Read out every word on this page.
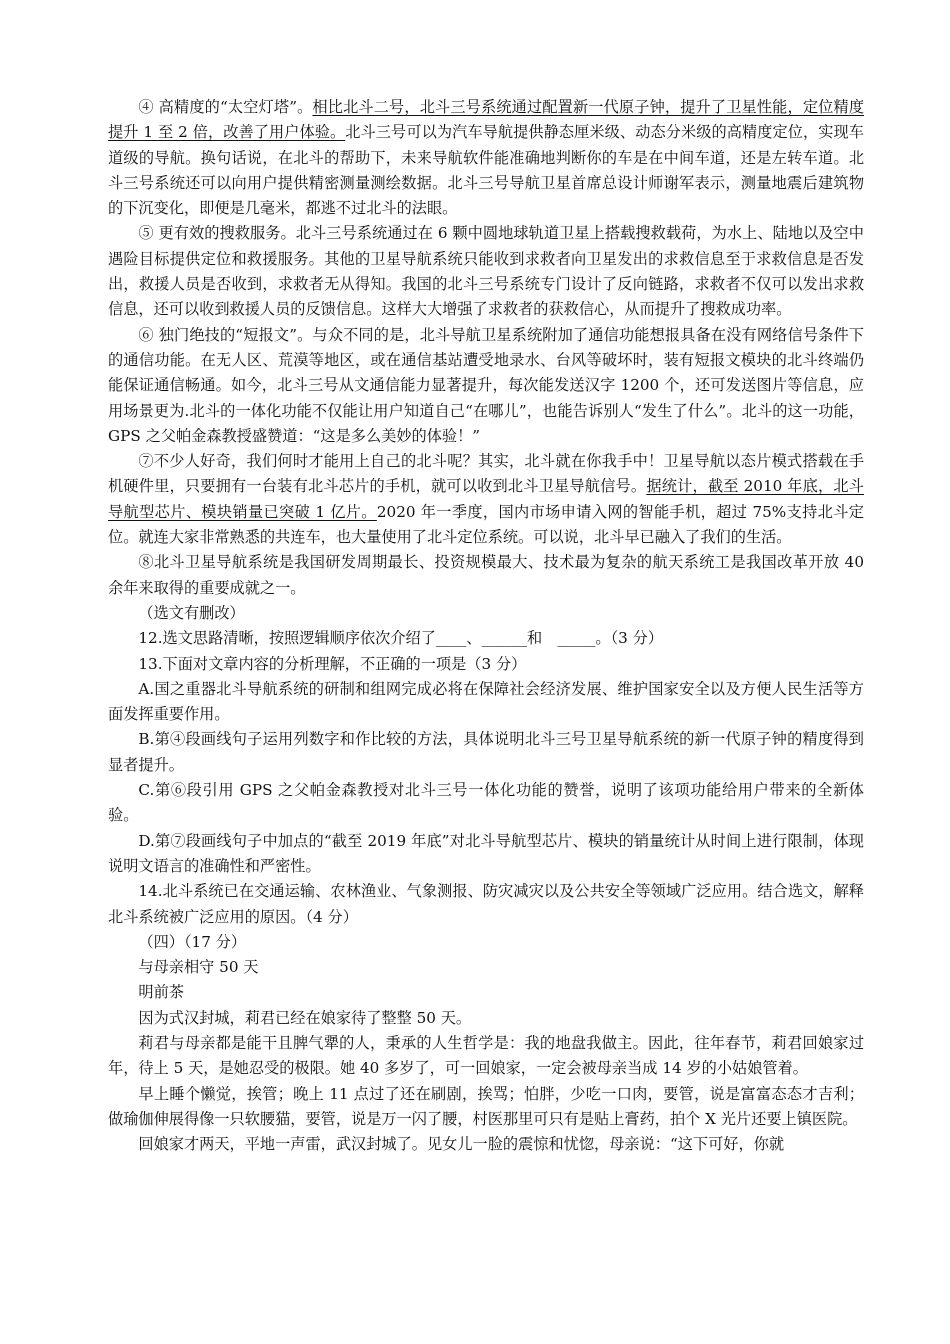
④ 高精度的“太空灯塔”。相比北斗二号，北斗三号系统通过配置新一代原子钟，提升了卫星性能，定位精度提升 1 至 2 倍，改善了用户体验。北斗三号可以为汽车导航提供静态厘米级、动态分米级的高精度定位，实现车道级的导航。换句话说，在北斗的帮助下，未来导航软件能准确地判断你的车是在中间车道，还是左转车道。北斗三号系统还可以向用户提供精密测量测绘数据。北斗三号导航卫星首席总设计师谢军表示，测量地震后建筑物的下沉变化，即便是几毫米，都逃不过北斗的法眼。

⑤ 更有效的搜救服务。北斗三号系统通过在 6 颗中圆地球轨道卫星上搭载搜救载荷，为水上、陆地以及空中遇险目标提供定位和救援服务。其他的卫星导航系统只能收到求救者向卫星发出的求救信息至于求救信息是否发出，救援人员是否收到，求救者无从得知。我国的北斗三号系统专门设计了反向链路，求救者不仅可以发出求救信息，还可以收到救援人员的反馈信息。这样大大增强了求救者的获救信心，从而提升了搜救成功率。

⑥ 独门绝技的“短报文”。与众不同的是，北斗导航卫星系统附加了通信功能想报具备在没有网络信号条件下的通信功能。在无人区、荒漠等地区，或在通信基站遭受地录水、台风等破坏时，装有短报文模块的北斗终端仍能保证通信畅通。如今，北斗三号从文通信能力显著提升，每次能发送汉字 1200 个，还可发送图片等信息，应用场景更为.北斗的一体化功能不仅能让用户知道自己“在哪儿”，也能告诉别人“发生了什么”。北斗的这一功能，GPS 之父帕金森教授盛赞道：“这是多么美妙的体验！”

⑦不少人好奇，我们何时才能用上自己的北斗呢？其实，北斗就在你我手中！卫星导航以态片模式搭载在手机硬件里，只要拥有一台装有北斗芯片的手机，就可以收到北斗卫星导航信号。据统计，截至 2010 年底，北斗导航型芯片、模块销量已突破 1 亿片。2020 年一季度，国内市场申请入网的智能手机，超过 75%支持北斗定位。就连大家非常熟悉的共连车，也大量使用了北斗定位系统。可以说，北斗早已融入了我们的生活。

⑧北斗卫星导航系统是我国研发周期最长、投资规模最大、技术最为复杂的航天系统工是我国改革开放 40 余年来取得的重要成就之一。

（选文有删改）

12.选文思路清晰，按照逻辑顺序依次介绍了____、______和　_____。（3 分）

13.下面对文章内容的分析理解，不正确的一项是（3 分）

A.国之重器北斗导航系统的研制和组网完成必将在保障社会经济发展、维护国家安全以及方便人民生活等方面发挥重要作用。

B.第④段画线句子运用列数字和作比较的方法，具体说明北斗三号卫星导航系统的新一代原子钟的精度得到显者提升。

C.第⑥段引用 GPS 之父帕金森教授对北斗三号一体化功能的赞誉，说明了该项功能给用户带来的全新体验。

D.第⑦段画线句子中加点的“截至 2019 年底”对北斗导航型芯片、模块的销量统计从时间上进行限制，体现说明文语言的准确性和严密性。

14.北斗系统已在交通运输、农林渔业、气象测报、防灾减灾以及公共安全等领域广泛应用。结合选文，解释北斗系统被广泛应用的原因。（4 分）

（四）（17 分）

与母亲相守 50 天

明前茶

因为式汉封城，莉君已经在娘家待了整整 50 天。

莉君与母亲都是能干且脾气犟的人，秉承的人生哲学是：我的地盘我做主。因此，往年春节，莉君回娘家过年，待上 5 天，是她忍受的极限。她 40 多岁了，可一回娘家，一定会被母亲当成 14 岁的小姑娘管着。

早上睡个懒觉，挨管；晚上 11 点过了还在刷剧，挨骂；怕胖，少吃一口肉，要管，说是富富态态才吉利；做瑜伽伸展得像一只软腰猫，要管，说是万一闪了腰，村医那里可只有是贴上膏药，拍个 X 光片还要上镇医院。

回娘家才两天，平地一声雷，武汉封城了。见女儿一脸的震惊和忧惚，母亲说：“这下可好，你就
